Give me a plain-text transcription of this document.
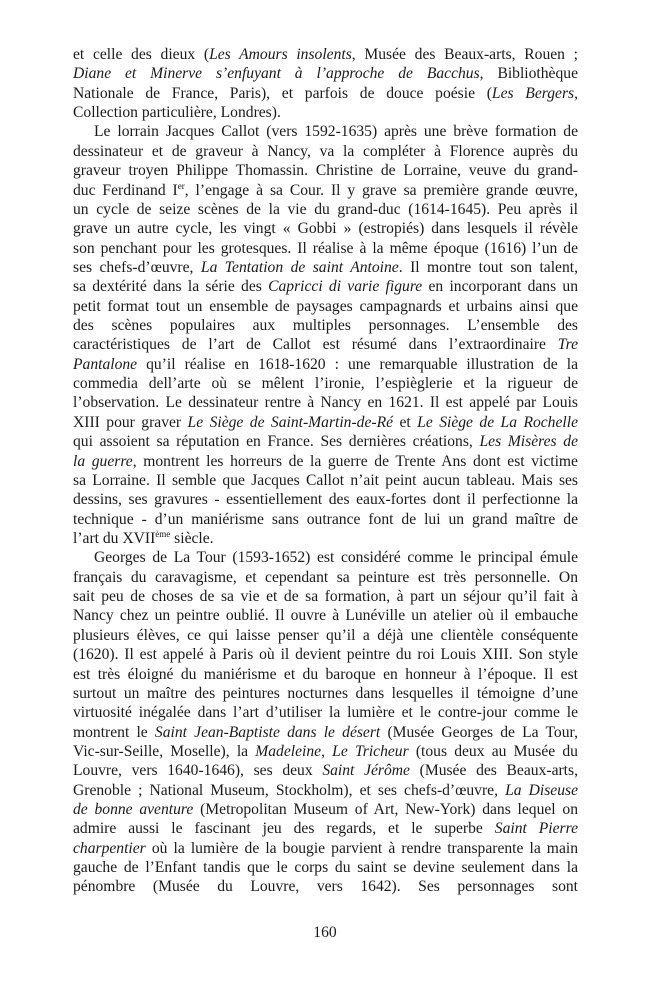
et celle des dieux (Les Amours insolents, Musée des Beaux-arts, Rouen ;
Diane et Minerve s’enfuyant à l’approche de Bacchus, Bibliothèque
Nationale de France, Paris), et parfois de douce poésie (Les Bergers,
Collection particulière, Londres).
Le lorrain Jacques Callot (vers 1592-1635) après une brève formation de
dessinateur et de graveur à Nancy, va la compléter à Florence auprès du
graveur troyen Philippe Thomassin. Christine de Lorraine, veuve du grand-
duc Ferdinand Ier, l’engage à sa Cour. Il y grave sa première grande œuvre,
un cycle de seize scènes de la vie du grand-duc (1614-1645). Peu après il
grave un autre cycle, les vingt « Gobbi » (estropiés) dans lesquels il révèle
son penchant pour les grotesques. Il réalise à la même époque (1616) l’un de
ses chefs-d’œuvre, La Tentation de saint Antoine. Il montre tout son talent,
sa dextérité dans la série des Capricci di varie figure en incorporant dans un
petit format tout un ensemble de paysages campagnards et urbains ainsi que
des scènes populaires aux multiples personnages. L’ensemble des
caractéristiques de l’art de Callot est résumé dans l’extraordinaire Tre
Pantalone qu’il réalise en 1618-1620 : une remarquable illustration de la
commedia dell’arte où se mêlent l’ironie, l’espièglerie et la rigueur de
l’observation. Le dessinateur rentre à Nancy en 1621. Il est appelé par Louis
XIII pour graver Le Siège de Saint-Martin-de-Ré et Le Siège de La Rochelle
qui assoient sa réputation en France. Ses dernières créations, Les Misères de
la guerre, montrent les horreurs de la guerre de Trente Ans dont est victime
sa Lorraine. Il semble que Jacques Callot n’ait peint aucun tableau. Mais ses
dessins, ses gravures - essentiellement des eaux-fortes dont il perfectionne la
technique - d’un maniérisme sans outrance font de lui un grand maître de
l’art du XVIIème siècle.
Georges de La Tour (1593-1652) est considéré comme le principal émule
français du caravagisme, et cependant sa peinture est très personnelle. On
sait peu de choses de sa vie et de sa formation, à part un séjour qu’il fait à
Nancy chez un peintre oublié. Il ouvre à Lunéville un atelier où il embauche
plusieurs élèves, ce qui laisse penser qu’il a déjà une clientèle conséquente
(1620). Il est appelé à Paris où il devient peintre du roi Louis XIII. Son style
est très éloigné du maniérisme et du baroque en honneur à l’époque. Il est
surtout un maître des peintures nocturnes dans lesquelles il témoigne d’une
virtuosité inégalée dans l’art d’utiliser la lumière et le contre-jour comme le
montrent le Saint Jean-Baptiste dans le désert (Musée Georges de La Tour,
Vic-sur-Seille, Moselle), la Madeleine, Le Tricheur (tous deux au Musée du
Louvre, vers 1640-1646), ses deux Saint Jérôme (Musée des Beaux-arts,
Grenoble ; National Museum, Stockholm), et ses chefs-d’œuvre, La Diseuse
de bonne aventure (Metropolitan Museum of Art, New-York) dans lequel on
admire aussi le fascinant jeu des regards, et le superbe Saint Pierre
charpentier où la lumière de la bougie parvient à rendre transparente la main
gauche de l’Enfant tandis que le corps du saint se devine seulement dans la
pénombre (Musée du Louvre, vers 1642). Ses personnages sont
160
